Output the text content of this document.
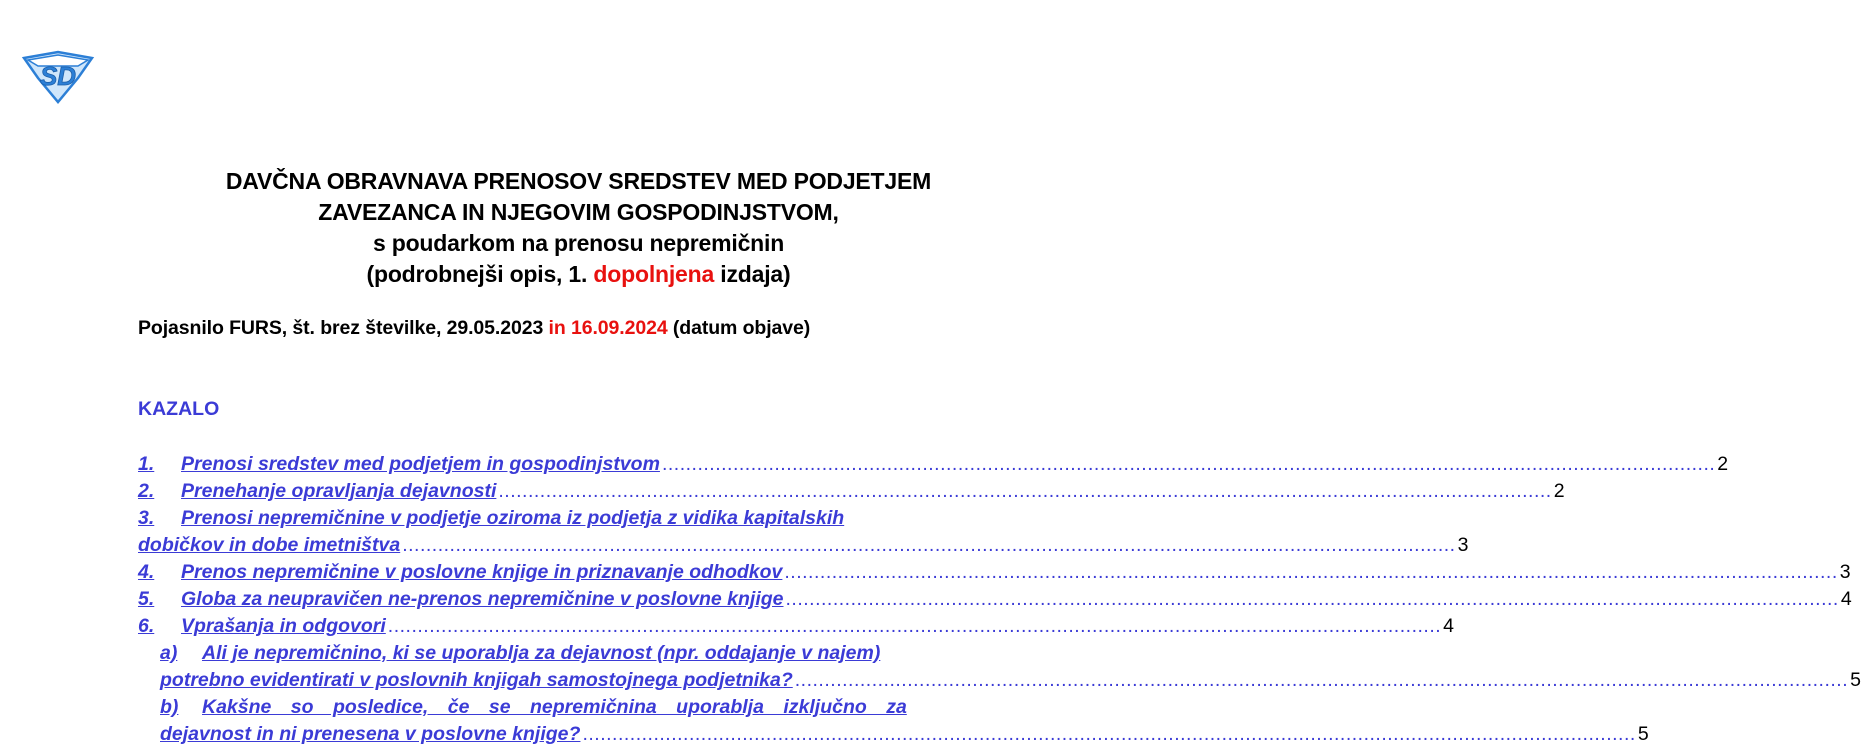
SD
DAVČNA OBRAVNAVA PRENOSOV SREDSTEV MED PODJETJEM
ZAVEZANCA IN NJEGOVIM GOSPODINJSTVOM,
s poudarkom na prenosu nepremičnin
(podrobnejši opis, 1. dopolnjena izdaja)
Pojasnilo FURS, št. brez številke, 29.05.2023 in 16.09.2024 (datum objave)
KAZALO
1.	Prenosi sredstev med podjetjem in gospodinjstvom .................................................................................................................................................................................. 2
2.	Prenehanje opravljanja dejavnosti .................................................................................................................................................................................. 2
3.	Prenosi nepremičnine v podjetje oziroma iz podjetja z vidika kapitalskih
dobičkov in dobe imetništva .................................................................................................................................................................................. 3
4.	Prenos nepremičnine v poslovne knjige in priznavanje odhodkov .................................................................................................................................................................................. 3
5.	Globa za neupravičen ne-prenos nepremičnine v poslovne knjige .................................................................................................................................................................................. 4
6.	Vprašanja in odgovori .................................................................................................................................................................................. 4
a)	Ali je nepremičnino, ki se uporablja za dejavnost (npr. oddajanje v najem)
potrebno evidentirati v poslovnih knjigah samostojnega podjetnika? .................................................................................................................................................................................. 5
b)	Kakšne so posledice, če se nepremičnina uporablja izključno za
dejavnost in ni prenesena v poslovne knjige? .................................................................................................................................................................................. 5
